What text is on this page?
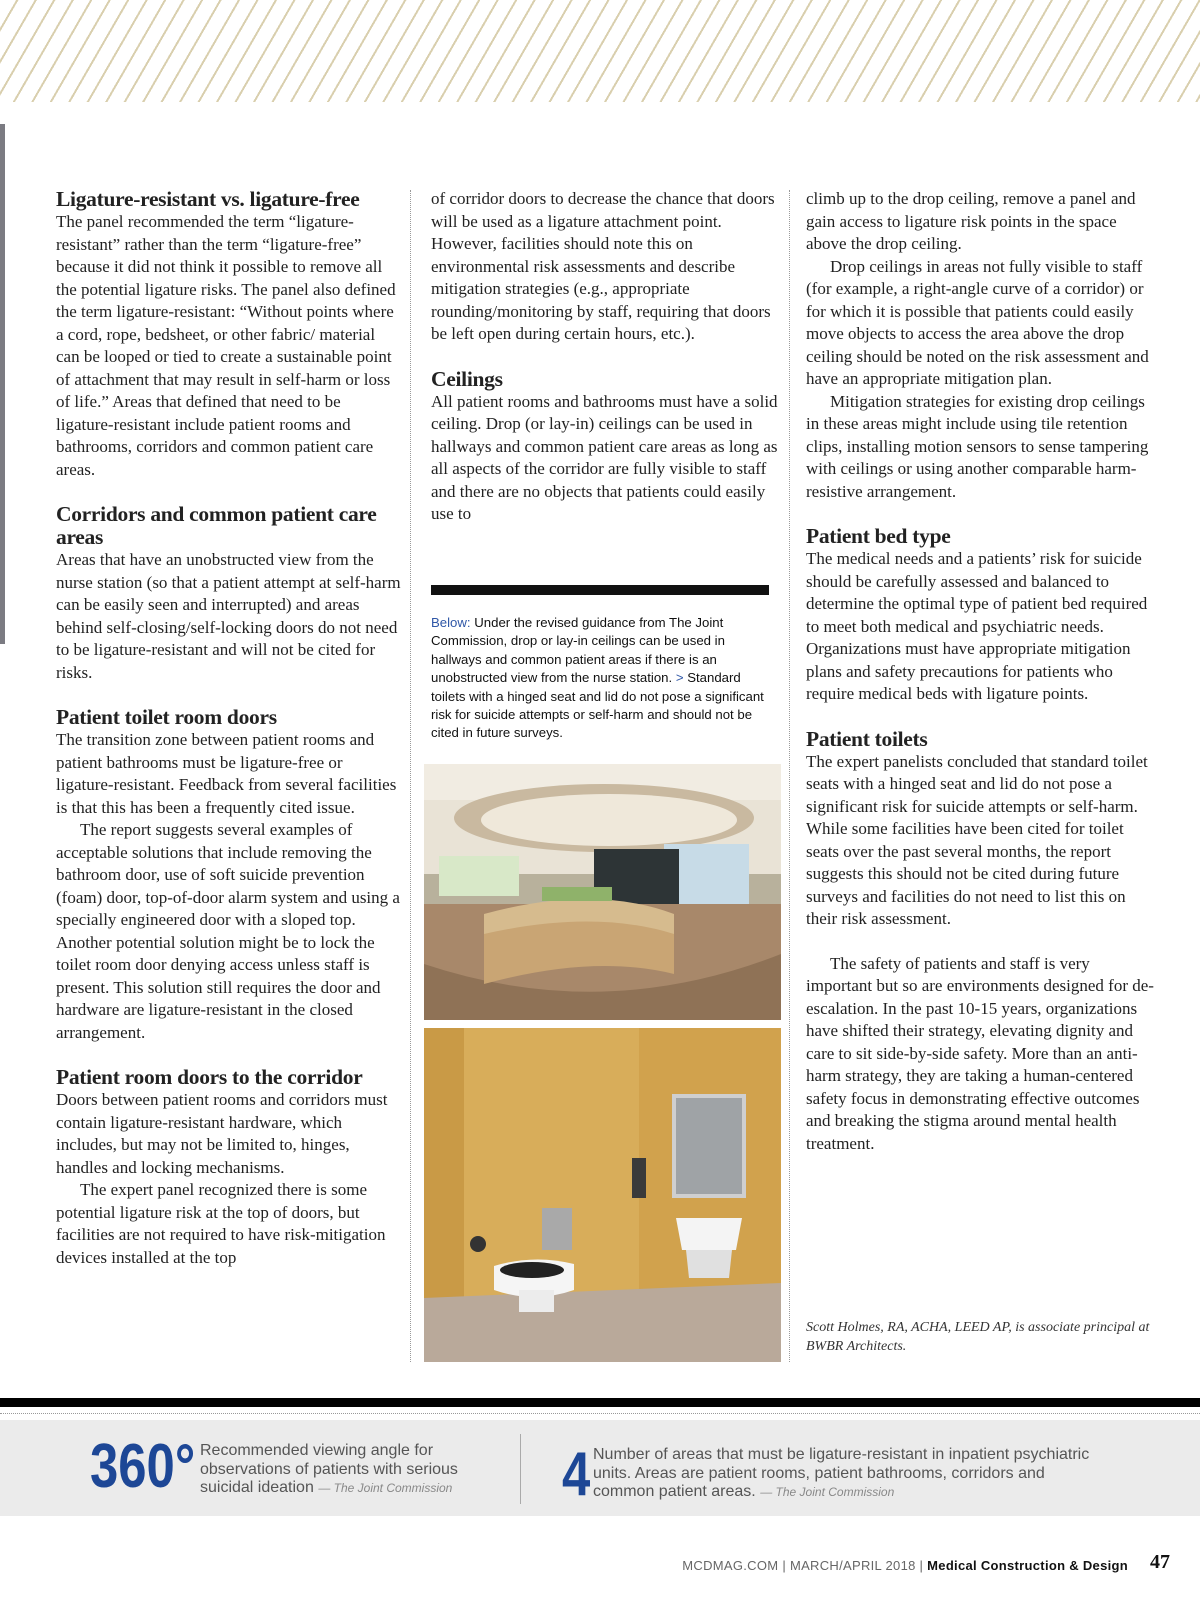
Ligature-resistant vs. ligature-free

The panel recommended the term “ligature-resistant” rather than the term “ligature-free” because it did not think it possible to remove all the potential ligature risks. The panel also defined the term ligature-resistant: “Without points where a cord, rope, bedsheet, or other fabric/ material can be looped or tied to create a sustainable point of attachment that may result in self-harm or loss of life.” Areas that defined that need to be ligature-resistant include patient rooms and bathrooms, corridors and common patient care areas.

Corridors and common patient care areas

Areas that have an unobstructed view from the nurse station (so that a patient attempt at self-harm can be easily seen and interrupted) and areas behind self-closing/self-locking doors do not need to be ligature-resistant and will not be cited for risks.

Patient toilet room doors

The transition zone between patient rooms and patient bathrooms must be ligature-free or ligature-resistant. Feedback from several facilities is that this has been a frequently cited issue.

The report suggests several examples of acceptable solutions that include removing the bathroom door, use of soft suicide prevention (foam) door, top-of-door alarm system and using a specially engineered door with a sloped top. Another potential solution might be to lock the toilet room door denying access unless staff is present. This solution still requires the door and hardware are ligature-resistant in the closed arrangement.

Patient room doors to the corridor

Doors between patient rooms and corridors must contain ligature-resistant hardware, which includes, but may not be limited to, hinges, handles and locking mechanisms.

The expert panel recognized there is some potential ligature risk at the top of doors, but facilities are not required to have risk-mitigation devices installed at the top

of corridor doors to decrease the chance that doors will be used as a ligature attachment point. However, facilities should note this on environmental risk assessments and describe mitigation strategies (e.g., appropriate rounding/monitoring by staff, requiring that doors be left open during certain hours, etc.).

Ceilings

All patient rooms and bathrooms must have a solid ceiling. Drop (or lay-in) ceilings can be used in hallways and common patient care areas as long as all aspects of the corridor are fully visible to staff and there are no objects that patients could easily use to

climb up to the drop ceiling, remove a panel and gain access to ligature risk points in the space above the drop ceiling.

Drop ceilings in areas not fully visible to staff (for example, a right-angle curve of a corridor) or for which it is possible that patients could easily move objects to access the area above the drop ceiling should be noted on the risk assessment and have an appropriate mitigation plan.

Mitigation strategies for existing drop ceilings in these areas might include using tile retention clips, installing motion sensors to sense tampering with ceilings or using another comparable harm-resistive arrangement.

Patient bed type

The medical needs and a patients’ risk for suicide should be carefully assessed and balanced to determine the optimal type of patient bed required to meet both medical and psychiatric needs. Organizations must have appropriate mitigation plans and safety precautions for patients who require medical beds with ligature points.

Patient toilets

The expert panelists concluded that standard toilet seats with a hinged seat and lid do not pose a significant risk for suicide attempts or self-harm. While some facilities have been cited for toilet seats over the past several months, the report suggests this should not be cited during future surveys and facilities do not need to list this on their risk assessment.

The safety of patients and staff is very important but so are environments designed for de-escalation. In the past 10-15 years, organizations have shifted their strategy, elevating dignity and care to sit side-by-side safety. More than an anti-harm strategy, they are taking a human-centered safety focus in demonstrating effective outcomes and breaking the stigma around mental health treatment.

Below: Under the revised guidance from The Joint Commission, drop or lay-in ceilings can be used in hallways and common patient areas if there is an unobstructed view from the nurse station. > Standard toilets with a hinged seat and lid do not pose a significant risk for suicide attempts or self-harm and should not be cited in future surveys.
Scott Holmes, RA, ACHA, LEED AP, is associate principal at BWBR Architects.
360° Recommended viewing angle for observations of patients with serious suicidal ideation — The Joint Commission	4 Number of areas that must be ligature-resistant in inpatient psychiatric units. Areas are patient rooms, patient bathrooms, corridors and common patient areas. — The Joint Commission
MCDMAG.COM | MARCH/APRIL 2018 | Medical Construction & Design 47
